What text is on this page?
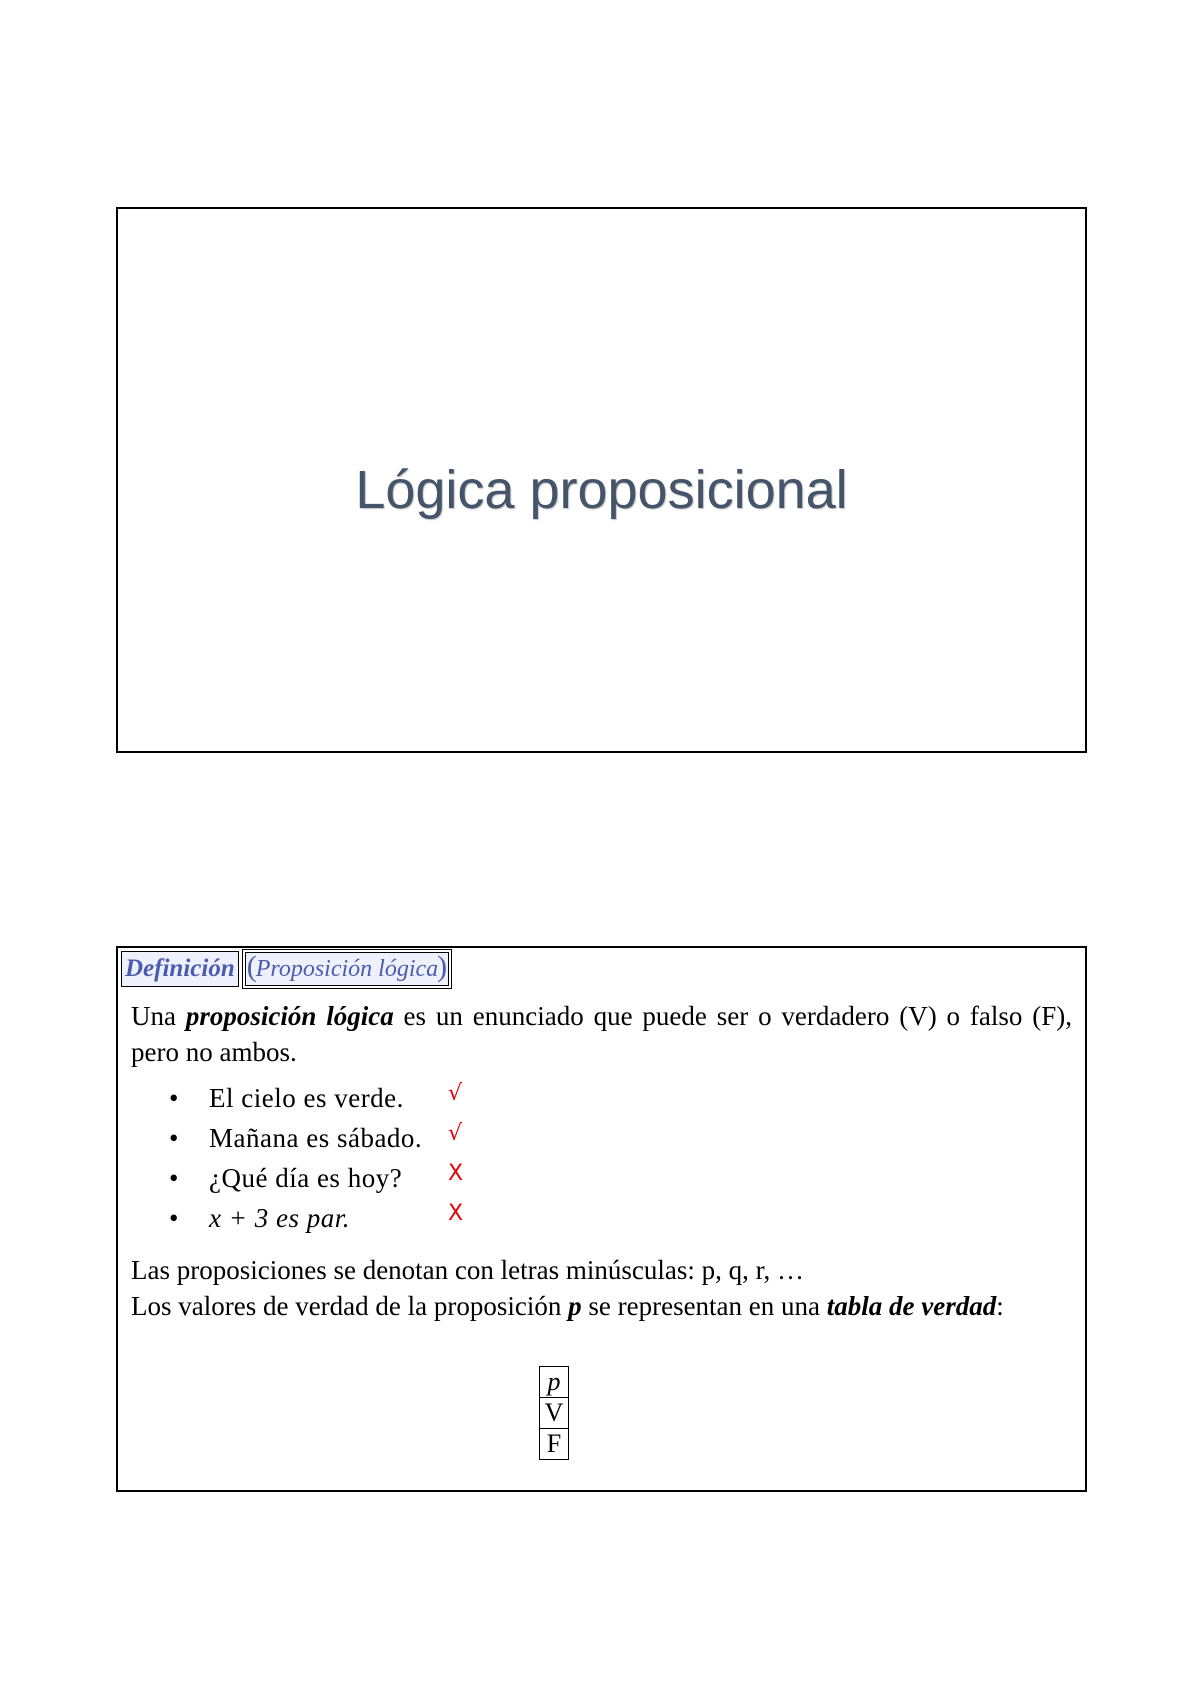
Lógica proposicional
Definición
( Proposición lógica )
Una proposición lógica es un enunciado que puede ser o verdadero (V) o falso (F), pero no ambos.
• El cielo es verde. √
• Mañana es sábado. √
• ¿Qué día es hoy? X
• x + 3 es par.	X
Las proposiciones se denotan con letras minúsculas: p, q, r, …
Los valores de verdad de la proposición p se representan en una tabla de verdad:
p
V
F
